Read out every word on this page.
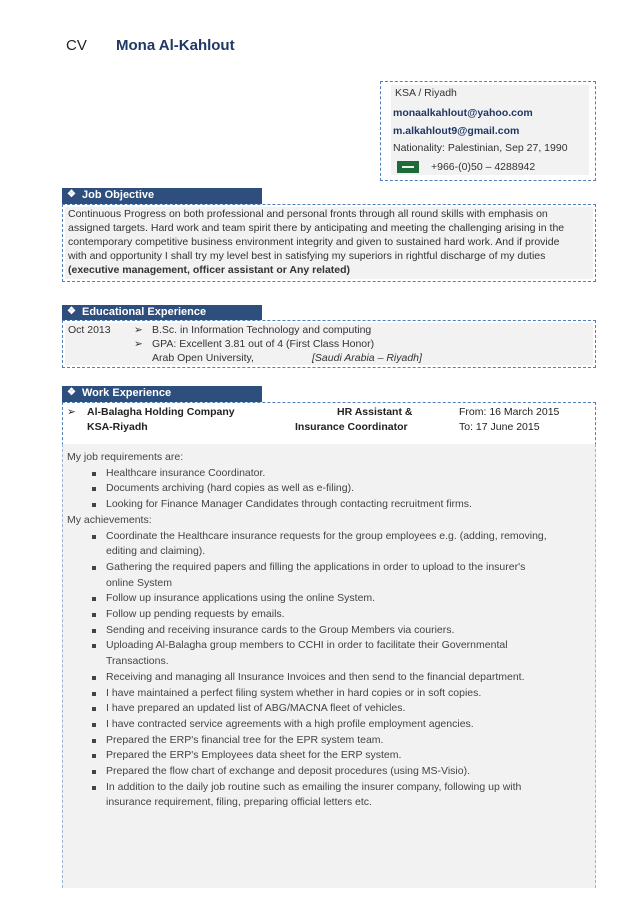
CV Mona Al-Kahlout
KSA / Riyadh
monaalkahlout@yahoo.com
m.alkahlout9@gmail.com
Nationality: Palestinian, Sep 27, 1990
+966-(0)50 – 4288942
❖ Job Objective
Continuous Progress on both professional and personal fronts through all round skills with emphasis on
assigned targets. Hard work and team spirit there by anticipating and meeting the challenging arising in the
contemporary competitive business environment integrity and given to sustained hard work. And if provide
with and opportunity I shall try my level best in satisfying my superiors in rightful discharge of my duties
(executive management, officer assistant or Any related)
❖ Educational Experience
Oct 2013 ➢ B.Sc. in Information Technology and computing
➢ GPA: Excellent 3.81 out of 4 (First Class Honor)
Arab Open University,	[Saudi Arabia – Riyadh]
❖ Work Experience
➢ Al-Balagha Holding Company
KSA-Riyadh
HR Assistant &
Insurance Coordinator
From: 16 March 2015
To: 17 June 2015
My job requirements are:
Healthcare insurance Coordinator.
Documents archiving (hard copies as well as e-filing).
Looking for Finance Manager Candidates through contacting recruitment firms.
My achievements:
Coordinate the Healthcare insurance requests for the group employees e.g. (adding, removing,
editing and claiming).
Gathering the required papers and filling the applications in order to upload to the insurer's
online System
Follow up insurance applications using the online System.
Follow up pending requests by emails.
Sending and receiving insurance cards to the Group Members via couriers.
Uploading Al-Balagha group members to CCHI in order to facilitate their Governmental
Transactions.
Receiving and managing all Insurance Invoices and then send to the financial department.
I have maintained a perfect filing system whether in hard copies or in soft copies.
I have prepared an updated list of ABG/MACNA fleet of vehicles.
I have contracted service agreements with a high profile employment agencies.
Prepared the ERP's financial tree for the EPR system team.
Prepared the ERP's Employees data sheet for the ERP system.
Prepared the flow chart of exchange and deposit procedures (using MS-Visio).
In addition to the daily job routine such as emailing the insurer company, following up with
insurance requirement, filing, preparing official letters etc.
